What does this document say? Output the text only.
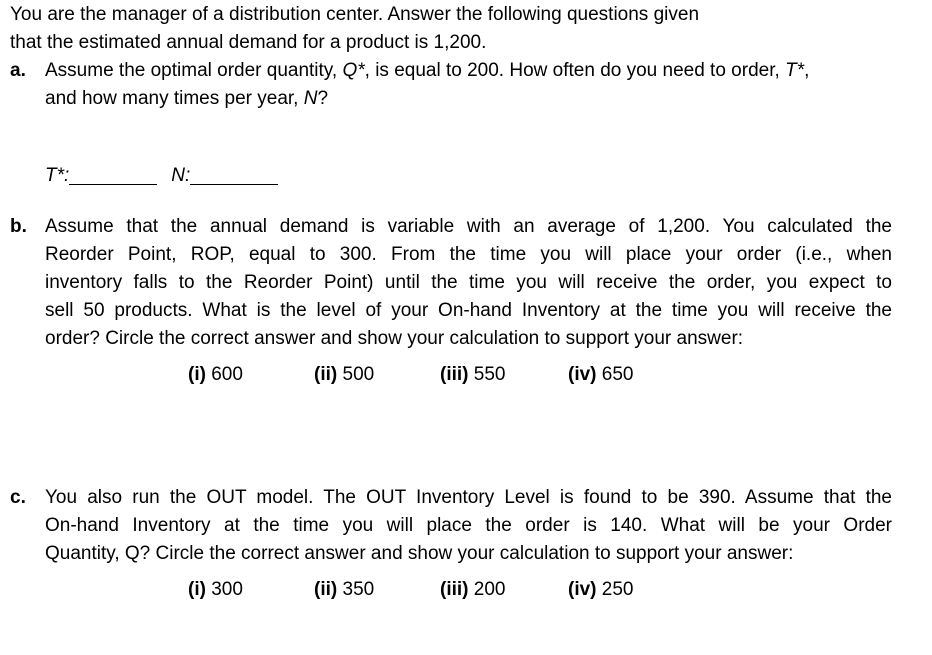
You are the manager of a distribution center. Answer the following questions given
that the estimated annual demand for a product is 1,200.
a. Assume the optimal order quantity, Q*, is equal to 200. How often do you need to order, T*,
and how many times per year, N?
T*:	N:
b. Assume that the annual demand is variable with an average of 1,200. You calculated the
Reorder Point, ROP, equal to 300. From the time you will place your order (i.e., when
inventory falls to the Reorder Point) until the time you will receive the order, you expect to
sell 50 products. What is the level of your On-hand Inventory at the time you will receive the
order? Circle the correct answer and show your calculation to support your answer:
(i) 600	(ii) 500	(iii) 550	(iv) 650
c. You also run the OUT model. The OUT Inventory Level is found to be 390. Assume that the
On-hand Inventory at the time you will place the order is 140. What will be your Order
Quantity, Q? Circle the correct answer and show your calculation to support your answer:
(i) 300	(ii) 350	(iii) 200	(iv) 250
